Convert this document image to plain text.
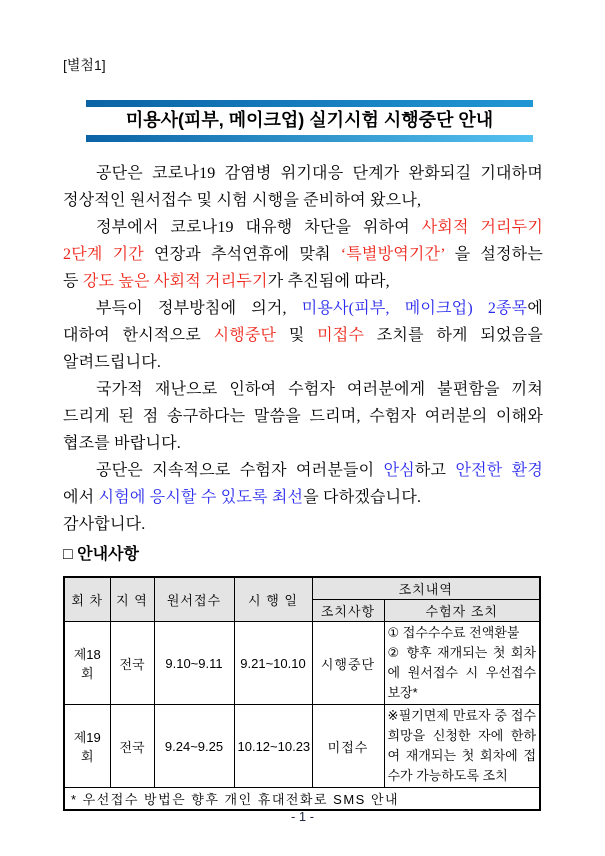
[별첨1]
미용사(피부, 메이크업) 실기시험 시행중단 안내
공단은 코로나19 감염병 위기대응 단계가 완화되길 기대하며
정상적인 원서접수 및 시험 시행을 준비하여 왔으나,
정부에서 코로나19 대유행 차단을 위하여 사회적 거리두기
2단계 기간 연장과 추석연휴에 맞춰 ‘특별방역기간’ 을 설정하는
등 강도 높은 사회적 거리두기가 추진됨에 따라,
부득이 정부방침에 의거, 미용사(피부, 메이크업) 2종목에
대하여 한시적으로 시행중단 및 미접수 조치를 하게 되었음을
알려드립니다.
국가적 재난으로 인하여 수험자 여러분에게 불편함을 끼쳐
드리게 된 점 송구하다는 말씀을 드리며, 수험자 여러분의 이해와
협조를 바랍니다.
공단은 지속적으로 수험자 여러분들이 안심하고 안전한 환경
에서 시험에 응시할 수 있도록 최선을 다하겠습니다.
감사합니다.
□ 안내사항
회 차	지 역	원서접수	시 행 일	조치내역	
				조치사항	수험자 조치
제18회	전국	9.10~9.11	9.21~10.10	시행중단	① 접수수수료 전액환불
② 향후 재개되는 첫 회차에 원서접수 시 우선접수 보장*

제19회	전국	9.24~9.25	10.12~10.23	미접수	※필기면제 만료자 중 접수희망을 신청한 자에 한하여 재개되는 첫 회차에 접수가 가능하도록 조치

* 우선접수 방법은 향후 개인 휴대전화로 SMS 안내					
- 1 -
